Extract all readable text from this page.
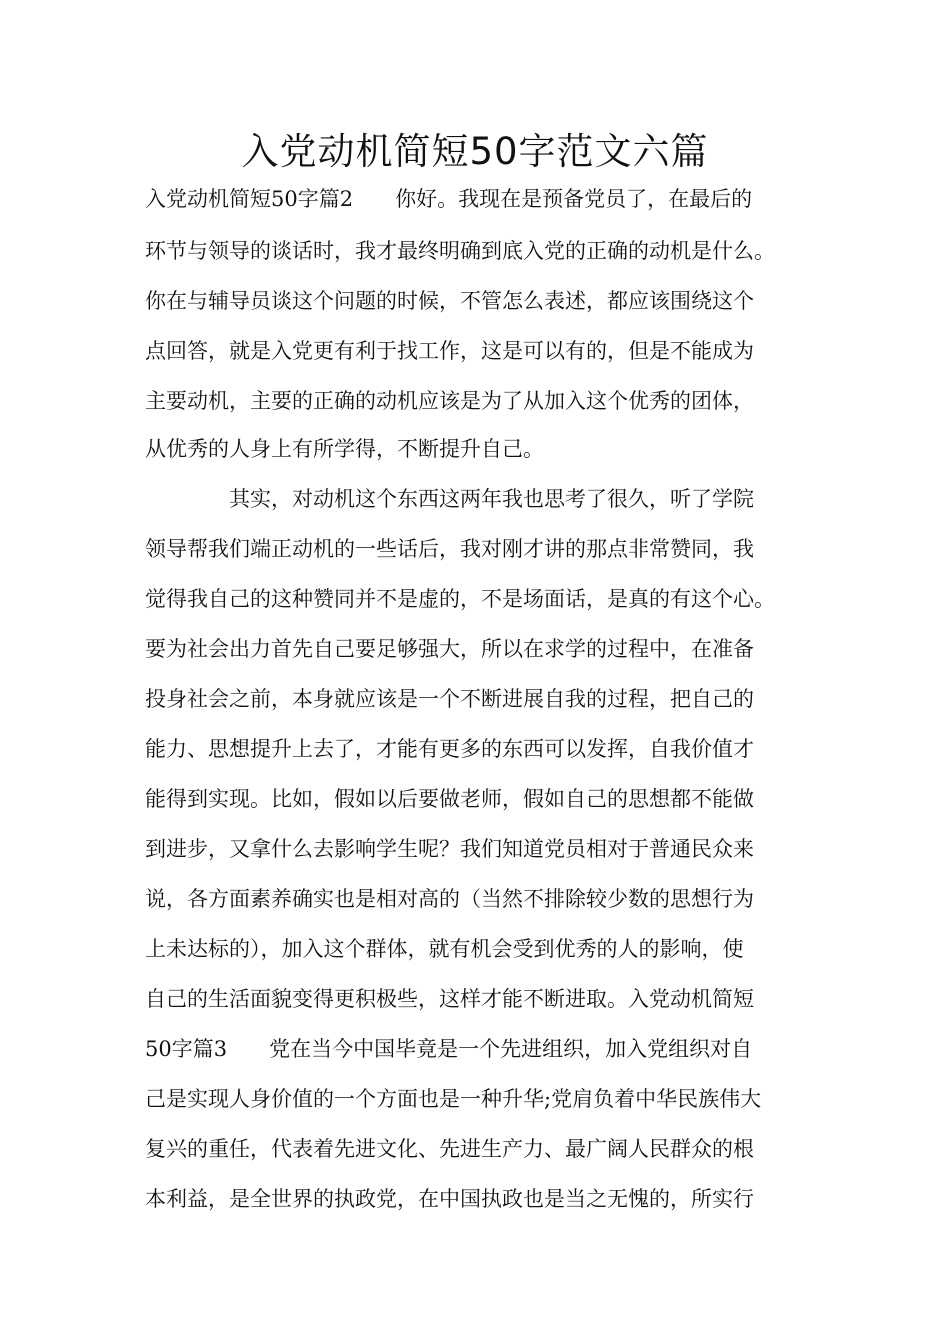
入党动机简短50字范文六篇
入党动机简短50字篇2　　你好。我现在是预备党员了，在最后的
环节与领导的谈话时，我才最终明确到底入党的正确的动机是什么。
你在与辅导员谈这个问题的时候，不管怎么表述，都应该围绕这个
点回答，就是入党更有利于找工作，这是可以有的，但是不能成为
主要动机，主要的正确的动机应该是为了从加入这个优秀的团体，
从优秀的人身上有所学得，不断提升自己。
　　　　其实，对动机这个东西这两年我也思考了很久，听了学院
领导帮我们端正动机的一些话后，我对刚才讲的那点非常赞同，我
觉得我自己的这种赞同并不是虚的，不是场面话，是真的有这个心。
要为社会出力首先自己要足够强大，所以在求学的过程中，在准备
投身社会之前，本身就应该是一个不断进展自我的过程，把自己的
能力、思想提升上去了，才能有更多的东西可以发挥，自我价值才
能得到实现。比如，假如以后要做老师，假如自己的思想都不能做
到进步，又拿什么去影响学生呢？我们知道党员相对于普通民众来
说，各方面素养确实也是相对高的（当然不排除较少数的思想行为
上未达标的），加入这个群体，就有机会受到优秀的人的影响，使
自己的生活面貌变得更积极些，这样才能不断进取。入党动机简短
50字篇3　　党在当今中国毕竟是一个先进组织，加入党组织对自
己是实现人身价值的一个方面也是一种升华;党肩负着中华民族伟大
复兴的重任，代表着先进文化、先进生产力、最广阔人民群众的根
本利益，是全世界的执政党，在中国执政也是当之无愧的，所实行
